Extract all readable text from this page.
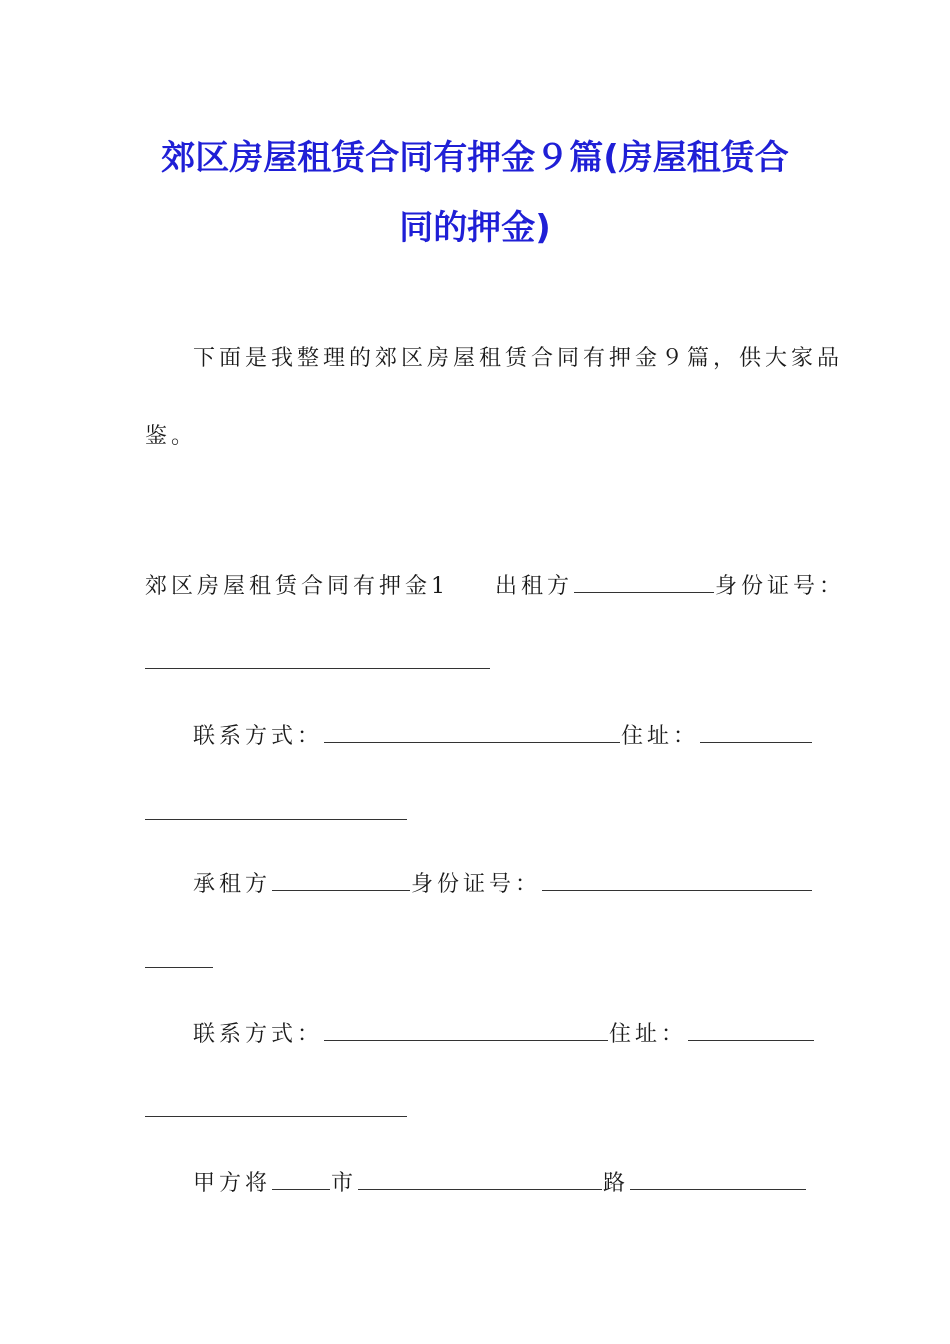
郊区房屋租赁合同有押金９篇(房屋租赁合
同的押金)
下面是我整理的郊区房屋租赁合同有押金９篇，供大家品
鉴。
郊区房屋租赁合同有押金1 出租方	身份证号：
联系方式：	住址：
承租方	身份证号：
联系方式：	住址：
甲方将	市	路
